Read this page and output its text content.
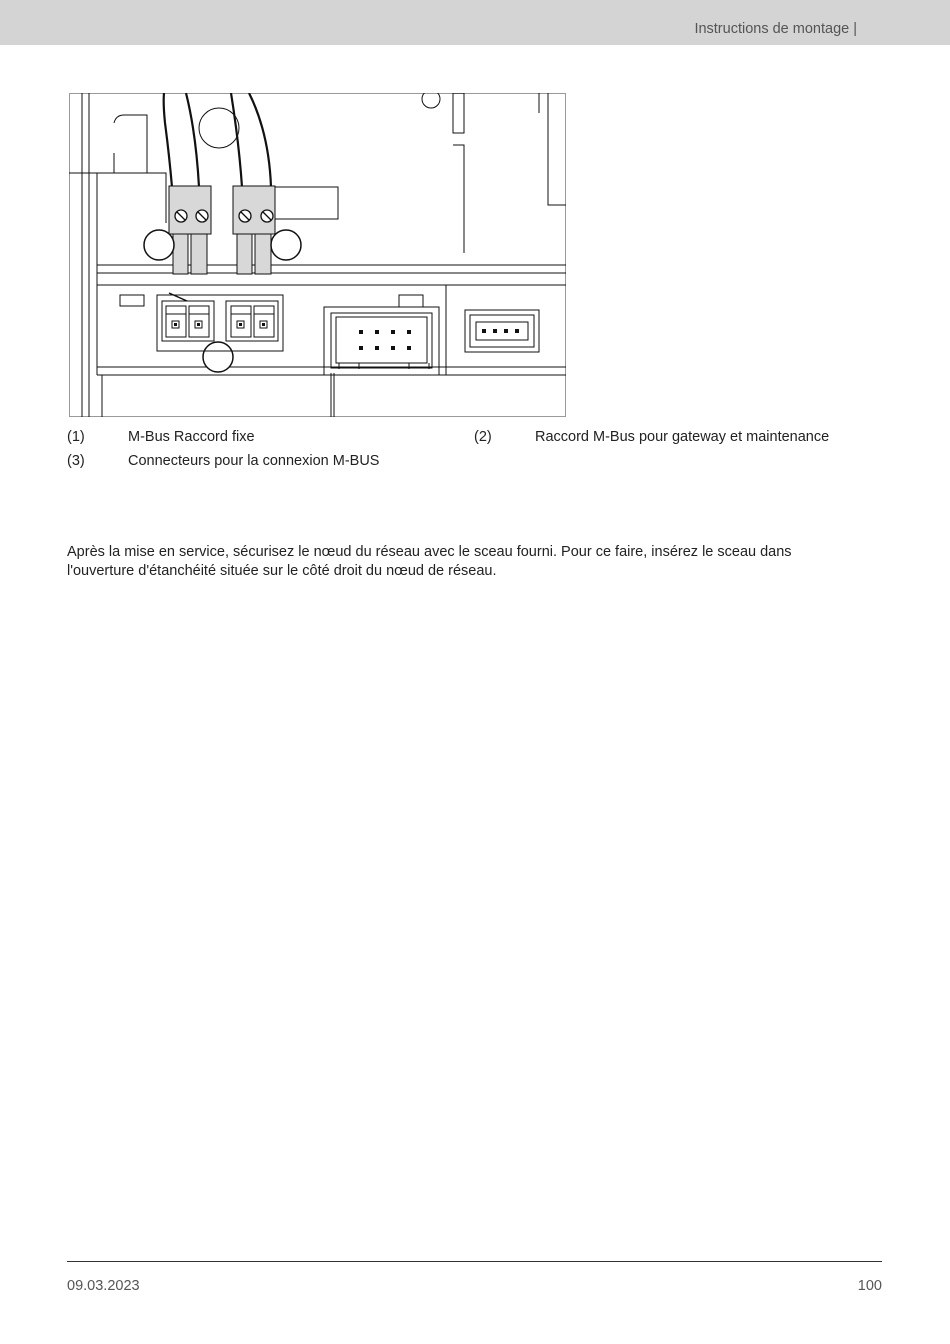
Instructions de montage |
(1)	M-Bus Raccord fixe	(2)	Raccord M-Bus pour gateway et maintenance
(3)	Connecteurs pour la connexion M-BUS

Après la mise en service, sécurisez le nœud du réseau avec le sceau fourni. Pour ce faire, insérez le sceau dans l'ouverture d'étanchéité située sur le côté droit du nœud de réseau.

09.03.2023	100
